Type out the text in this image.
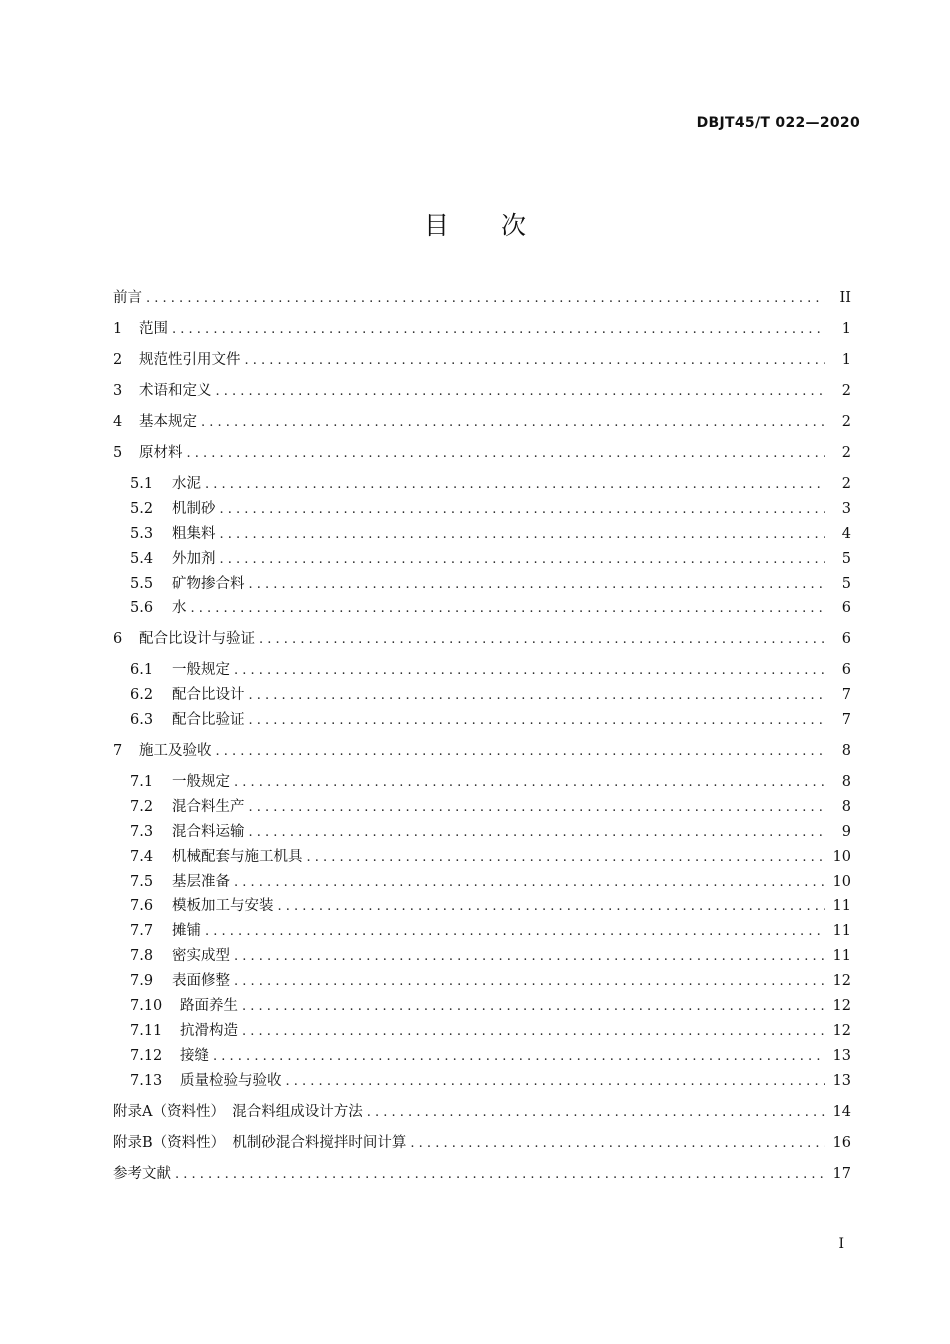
DBJT45/T 022—2020
目 次
前言 . . .	II
1	范围 . . .	1
2	规范性引用文件 . . .	1
3	术语和定义 . . .	2
4	基本规定 . . .	2
5	原材料 . . .	2
5.1	水泥 . . .	2
5.2	机制砂 . . .	3
5.3	粗集料 . . .	4
5.4	外加剂 . . .	5
5.5	矿物掺合料 . . .	5
5.6	水 . . .	6
6	配合比设计与验证 . . .	6
6.1	一般规定 . . .	6
6.2	配合比设计 . . .	7
6.3	配合比验证 . . .	7
7	施工及验收 . . .	8
7.1	一般规定 . . .	8
7.2	混合料生产 . . .	8
7.3	混合料运输 . . .	9
7.4	机械配套与施工机具 . . .	10
7.5	基层准备 . . .	10
7.6	模板加工与安装 . . .	11
7.7	摊铺 . . .	11
7.8	密实成型 . . .	11
7.9	表面修整 . . .	12
7.10	路面养生 . . .	12
7.11	抗滑构造 . . .	12
7.12	接缝 . . .	13
7.13	质量检验与验收 . . .	13
附录A（资料性）　混合料组成设计方法 . . .	14
附录B（资料性）　机制砂混合料搅拌时间计算 . . .	16
参考文献 . . .	17
I
